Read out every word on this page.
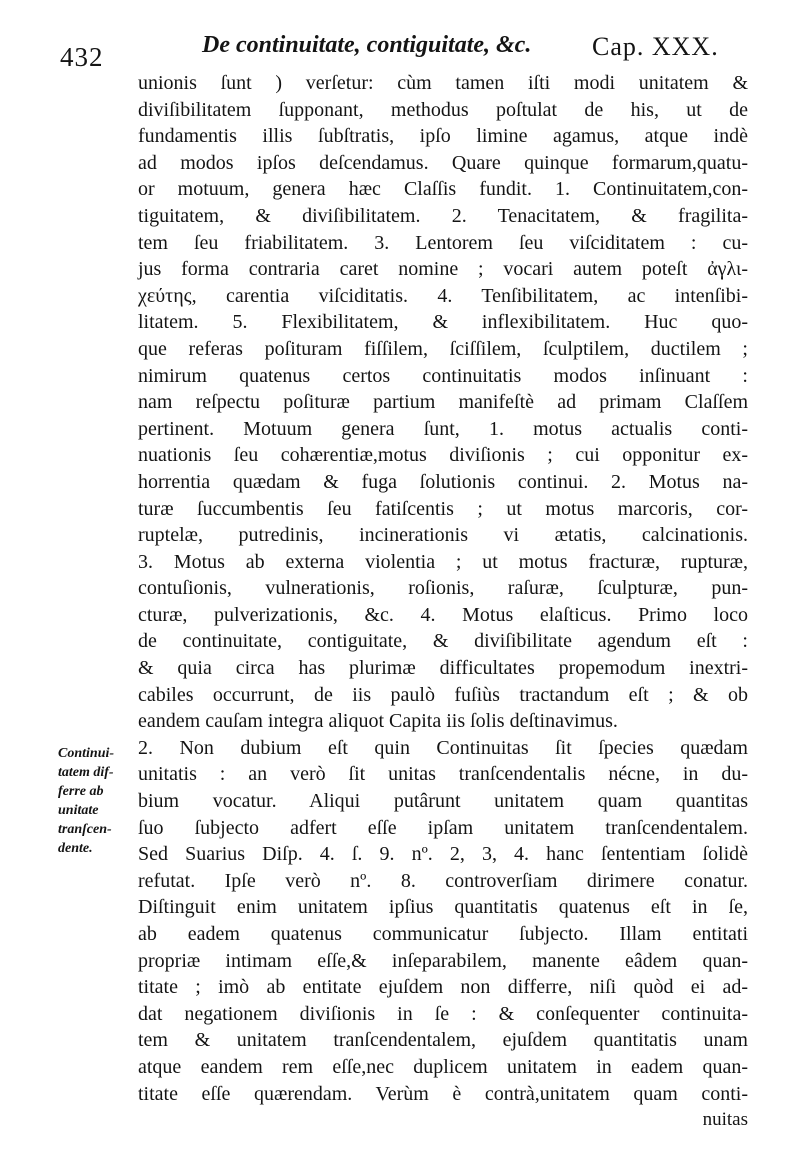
432	De continuitate, contiguitate, &c. Cap. XXX.
unionis ſunt ) verſetur: cùm tamen iſti modi unitatem &
diviſibilitatem ſupponant, methodus poſtulat de his, ut de
fundamentis illis ſubſtratis, ipſo limine agamus, atque indè
ad modos ipſos deſcendamus. Quare quinque formarum,quatu-
or motuum, genera hæc Claſſis fundit. 1. Continuitatem,con-
tiguitatem, & diviſibilitatem. 2. Tenacitatem, & fragilita-
tem ſeu friabilitatem. 3. Lentorem ſeu viſciditatem : cu-
jus forma contraria caret nomine ; vocari autem poteſt ἀγλι-
χεύτης, carentia viſciditatis. 4. Tenſibilitatem, ac intenſibi-
litatem. 5. Flexibilitatem, & inflexibilitatem. Huc quo-
que referas poſituram fiſſilem, ſciſſilem, ſculptilem, ductilem ;
nimirum quatenus certos continuitatis modos inſinuant :
nam reſpectu poſituræ partium manifeſtè ad primam Claſſem
pertinent. Motuum genera ſunt, 1. motus actualis conti-
nuationis ſeu cohærentiæ,motus diviſionis ; cui opponitur ex-
horrentia quædam & fuga ſolutionis continui. 2. Motus na-
turæ ſuccumbentis ſeu fatiſcentis ; ut motus marcoris, cor-
ruptelæ, putredinis, incinerationis vi ætatis, calcinationis.
3. Motus ab externa violentia ; ut motus fracturæ, rupturæ,
contuſionis, vulnerationis, roſionis, raſuræ, ſculpturæ, pun-
cturæ, pulverizationis, &c. 4. Motus elaſticus. Primo loco
de continuitate, contiguitate, & diviſibilitate agendum eſt :
& quia circa has plurimæ difficultates propemodum inextri-
cabiles occurrunt, de iis paulò fuſiùs tractandum eſt ; & ob
eandem cauſam integra aliquot Capita iis ſolis deſtinavimus.
2. Non dubium eſt quin Continuitas ſit ſpecies quædam
unitatis : an verò ſit unitas tranſcendentalis nécne, in du-
bium vocatur. Aliqui putârunt unitatem quam quantitas
ſuo ſubjecto adfert eſſe ipſam unitatem tranſcendentalem.
Sed Suarius Diſp. 4. ſ. 9. nº. 2, 3, 4. hanc ſententiam ſolidè
refutat. Ipſe verò nº. 8. controverſiam dirimere conatur.
Diſtinguit enim unitatem ipſius quantitatis quatenus eſt in ſe,
ab eadem quatenus communicatur ſubjecto. Illam entitati
propriæ intimam eſſe,& inſeparabilem, manente eâdem quan-
titate ; imò ab entitate ejuſdem non differre, niſi quòd ei ad-
dat negationem diviſionis in ſe : & conſequenter continuita-
tem & unitatem tranſcendentalem, ejuſdem quantitatis unam
atque eandem rem eſſe,nec duplicem unitatem in eadem quan-
titate eſſe quærendam. Verùm è contrà,unitatem quam conti-
nuitas
Continui-
tatem dif-
ferre ab
unitate
tranſcen-
dente.
